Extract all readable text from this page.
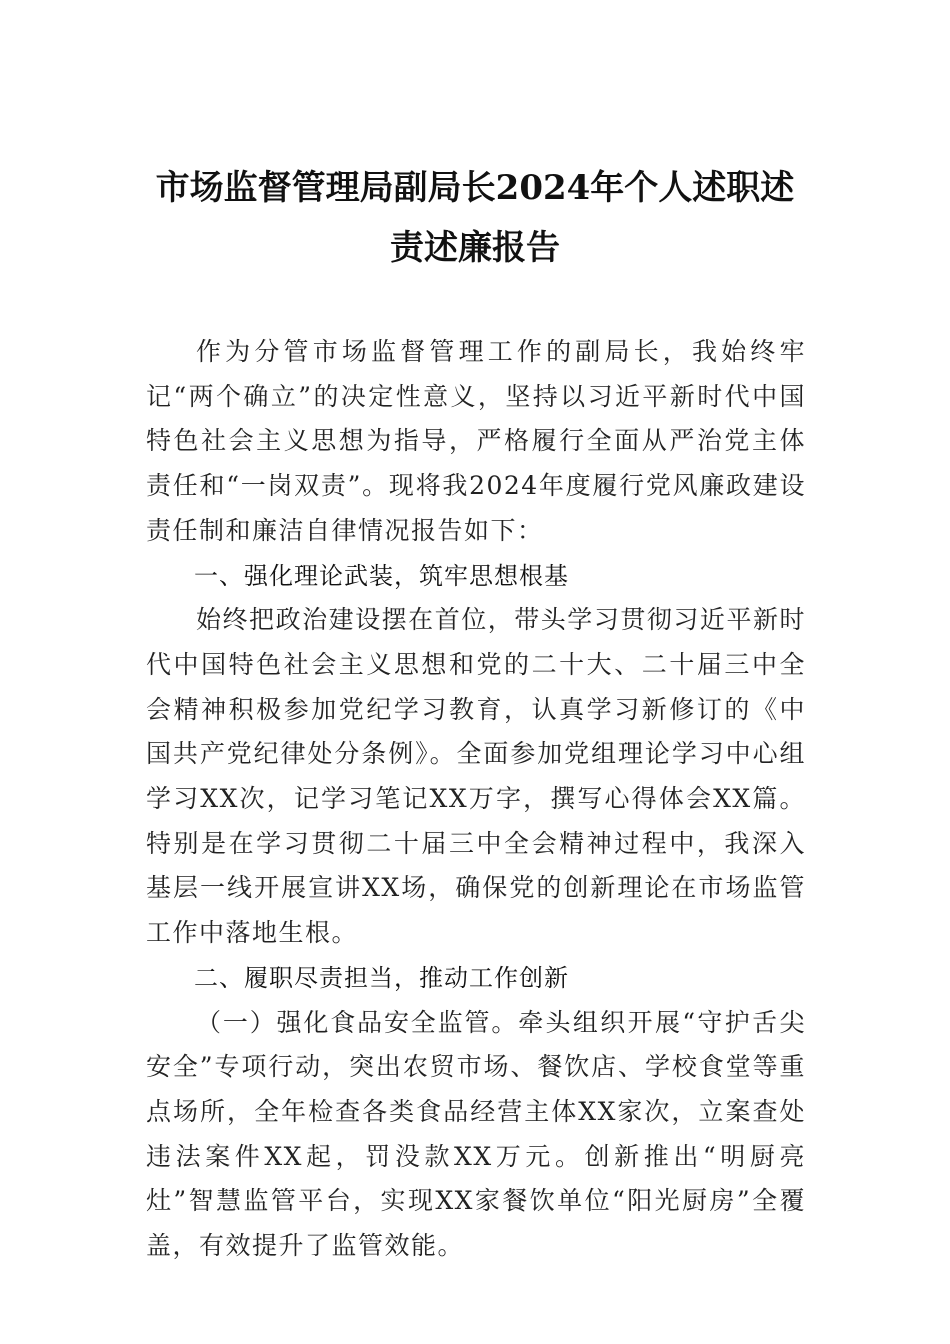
市场监督管理局副局长2024年个人述职述
责述廉报告

作为分管市场监督管理工作的副局长，我始终牢记“两个确立”的决定性意义，坚持以习近平新时代中国特色社会主义思想为指导，严格履行全面从严治党主体责任和“一岗双责”。现将我2024年度履行党风廉政建设责任制和廉洁自律情况报告如下：

一、强化理论武装，筑牢思想根基

始终把政治建设摆在首位，带头学习贯彻习近平新时代中国特色社会主义思想和党的二十大、二十届三中全会精神积极参加党纪学习教育，认真学习新修订的《中国共产党纪律处分条例》。全面参加党组理论学习中心组学习XX次，记学习笔记XX万字，撰写心得体会XX篇。特别是在学习贯彻二十届三中全会精神过程中，我深入基层一线开展宣讲XX场，确保党的创新理论在市场监管工作中落地生根。

二、履职尽责担当，推动工作创新

（一）强化食品安全监管。牵头组织开展“守护舌尖安全”专项行动，突出农贸市场、餐饮店、学校食堂等重点场所，全年检查各类食品经营主体XX家次，立案查处违法案件XX起，罚没款XX万元。创新推出“明厨亮灶”智慧监管平台，实现XX家餐饮单位“阳光厨房”全覆盖，有效提升了监管效能。
